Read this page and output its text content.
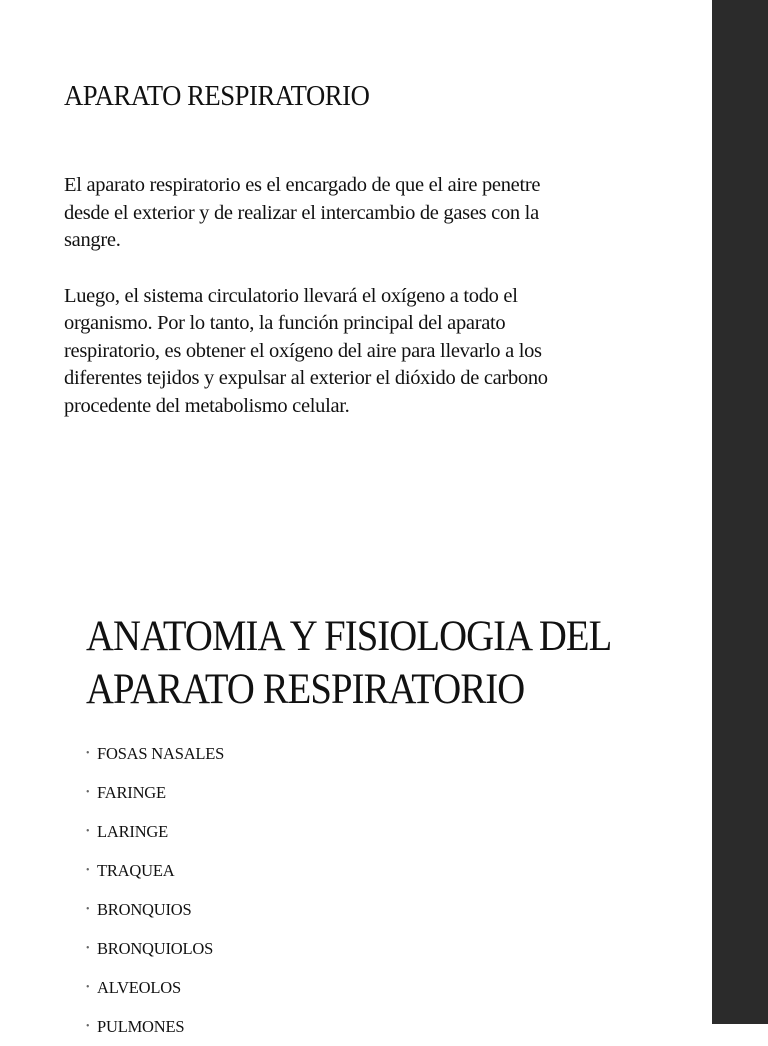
APARATO RESPIRATORIO

El aparato respiratorio es el encargado de que el aire penetre desde el exterior y de realizar el intercambio de gases con la sangre.

Luego, el sistema circulatorio llevará el oxígeno a todo el organismo. Por lo tanto, la función principal del aparato respiratorio, es obtener el oxígeno del aire para llevarlo a los diferentes tejidos y expulsar al exterior el dióxido de carbono procedente del metabolismo celular.

ANATOMIA Y FISIOLOGIA DEL APARATO RESPIRATORIO
• FOSAS NASALES
• FARINGE
• LARINGE
• TRAQUEA
• BRONQUIOS
• BRONQUIOLOS
• ALVEOLOS
• PULMONES
